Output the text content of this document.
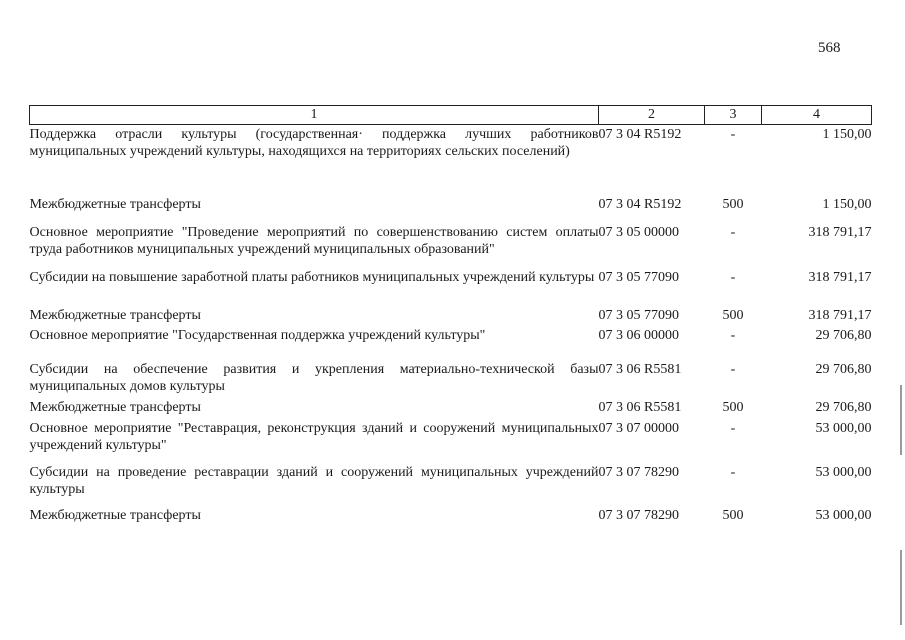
568
1	2	3	4
Поддержка отрасли культуры (государственная· поддержка лучших работников муниципальных учреждений культуры, находящихся на территориях сельских поселений)	07 3 04 R5192	-	1 150,00
Межбюджетные трансферты	07 3 04 R5192	500	1 150,00
Основное мероприятие "Проведение мероприятий по совершенствованию систем оплаты труда работников муниципальных учреждений муниципальных образований"	07 3 05 00000	-	318 791,17
Субсидии на повышение заработной платы работников муниципальных учреждений культуры	07 3 05 77090	-	318 791,17
Межбюджетные трансферты	07 3 05 77090	500	318 791,17
Основное мероприятие "Государственная поддержка учреждений культуры"	07 3 06 00000	-	29 706,80
Субсидии на обеспечение развития и укрепления материально-технической базы муниципальных домов культуры	07 3 06 R5581	-	29 706,80
Межбюджетные трансферты	07 3 06 R5581	500	29 706,80
Основное мероприятие "Реставрация, реконструкция зданий и сооружений муниципальных учреждений культуры"	07 3 07 00000	-	53 000,00
Субсидии на проведение реставрации зданий и сооружений муниципальных учреждений культуры	07 3 07 78290	-	53 000,00
Межбюджетные трансферты	07 3 07 78290	500	53 000,00
